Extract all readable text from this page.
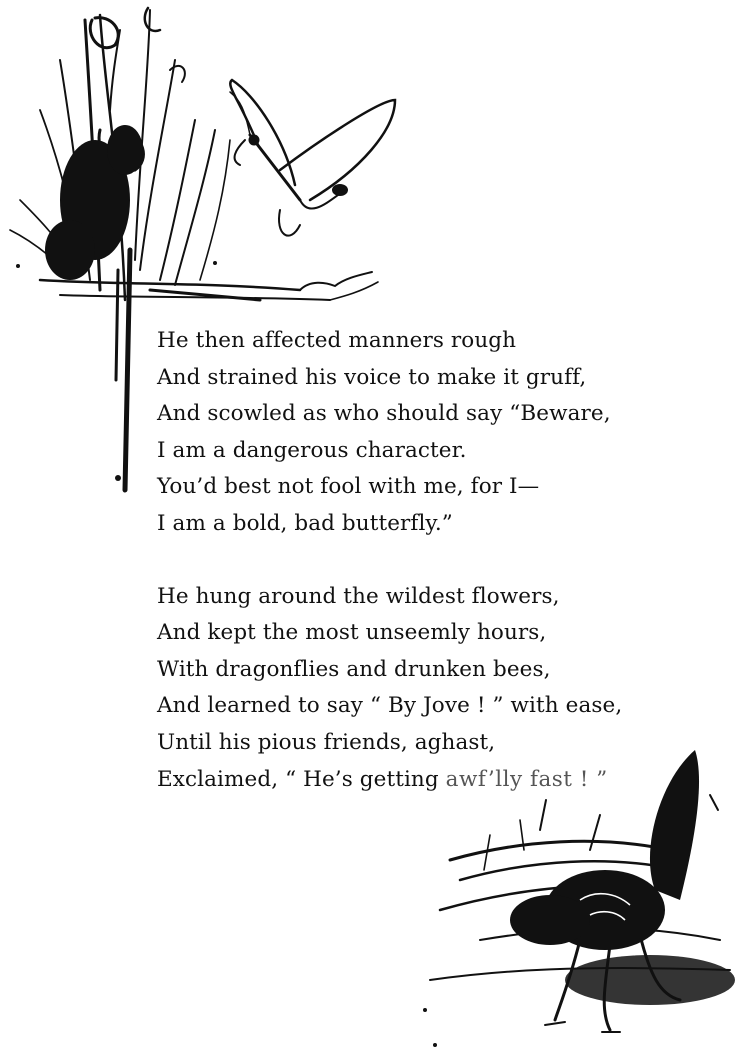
He then affected manners rough
And strained his voice to make it gruff,
And scowled as who should say “Beware,
I am a dangerous character.
You’d best not fool with me, for I—
I am a bold, bad butterfly.”

He hung around the wildest flowers,
And kept the most unseemly hours,
With dragonflies and drunken bees,
And learned to say “ By Jove ! ” with ease,
Until his pious friends, aghast,
Exclaimed, “ He’s getting awf’lly fast ! ”
